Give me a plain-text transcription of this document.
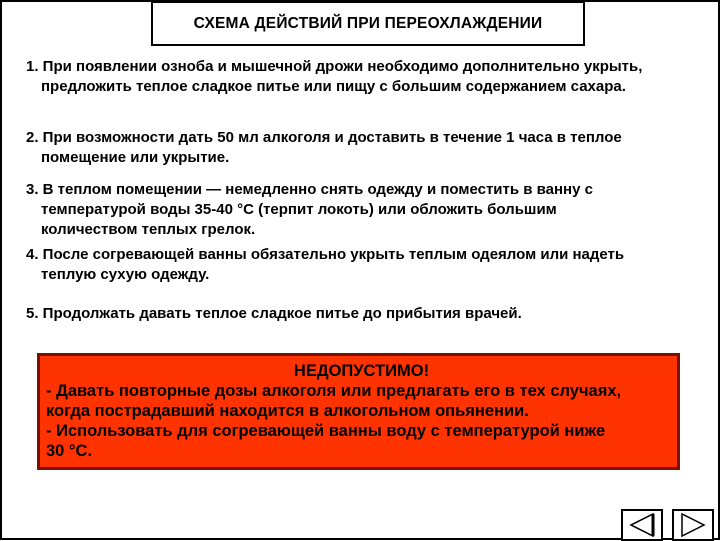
СХЕМА ДЕЙСТВИЙ ПРИ ПЕРЕОХЛАЖДЕНИИ
1. При появлении озноба и мышечной дрожи необходимо дополнительно укрыть,
предложить теплое сладкое питье или пищу с большим содержанием сахара.
2. При возможности дать 50 мл алкоголя и доставить в течение 1 часа в теплое
помещение или укрытие.
3. В теплом помещении — немедленно снять одежду и поместить в ванну с
температурой воды 35-40 °С (терпит локоть) или обложить большим
количеством теплых грелок.
4. После согревающей ванны обязательно укрыть теплым одеялом или надеть
теплую сухую одежду.
5. Продолжать давать теплое сладкое питье до прибытия врачей.
НЕДОПУСТИМО!
- Давать повторные дозы алкоголя или предлагать его в тех случаях,
когда пострадавший находится в алкогольном опьянении.
- Использовать для согревающей ванны воду с температурой ниже
30 °С.
